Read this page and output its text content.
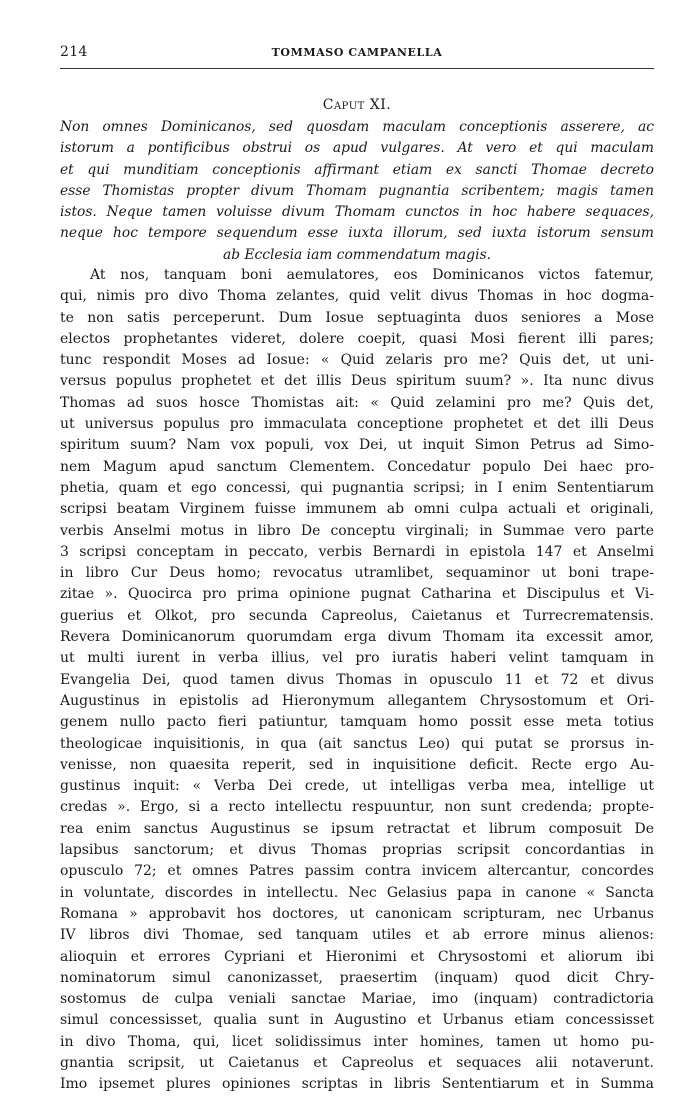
214	TOMMASO CAMPANELLA
Caput XI.
Non omnes Dominicanos, sed quosdam maculam conceptionis asserere, ac
istorum a pontificibus obstrui os apud vulgares. At vero et qui maculam
et qui munditiam conceptionis affirmant etiam ex sancti Thomae decreto
esse Thomistas propter divum Thomam pugnantia scribentem; magis tamen
istos. Neque tamen voluisse divum Thomam cunctos in hoc habere sequaces,
neque hoc tempore sequendum esse iuxta illorum, sed iuxta istorum sensum
ab Ecclesia iam commendatum magis.
At nos, tanquam boni aemulatores, eos Dominicanos victos fatemur,
qui, nimis pro divo Thoma zelantes, quid velit divus Thomas in hoc dogma-
te non satis perceperunt. Dum Iosue septuaginta duos seniores a Mose
electos prophetantes videret, dolere coepit, quasi Mosi fierent illi pares;
tunc respondit Moses ad Iosue: « Quid zelaris pro me? Quis det, ut uni-
versus populus prophetet et det illis Deus spiritum suum? ». Ita nunc divus
Thomas ad suos hosce Thomistas ait: « Quid zelamini pro me? Quis det,
ut universus populus pro immaculata conceptione prophetet et det illi Deus
spiritum suum? Nam vox populi, vox Dei, ut inquit Simon Petrus ad Simo-
nem Magum apud sanctum Clementem. Concedatur populo Dei haec pro-
phetia, quam et ego concessi, qui pugnantia scripsi; in I enim Sententiarum
scripsi beatam Virginem fuisse immunem ab omni culpa actuali et originali,
verbis Anselmi motus in libro De conceptu virginali; in Summae vero parte
3 scripsi conceptam in peccato, verbis Bernardi in epistola 147 et Anselmi
in libro Cur Deus homo; revocatus utramlibet, sequaminor ut boni trape-
zitae ». Quocirca pro prima opinione pugnat Catharina et Discipulus et Vi-
guerius et Olkot, pro secunda Capreolus, Caietanus et Turrecrematensis.
Revera Dominicanorum quorumdam erga divum Thomam ita excessit amor,
ut multi iurent in verba illius, vel pro iuratis haberi velint tamquam in
Evangelia Dei, quod tamen divus Thomas in opusculo 11 et 72 et divus
Augustinus in epistolis ad Hieronymum allegantem Chrysostomum et Ori-
genem nullo pacto fieri patiuntur, tamquam homo possit esse meta totius
theologicae inquisitionis, in qua (ait sanctus Leo) qui putat se prorsus in-
venisse, non quaesita reperit, sed in inquisitione deficit. Recte ergo Au-
gustinus inquit: « Verba Dei crede, ut intelligas verba mea, intellige ut
credas ». Ergo, si a recto intellectu respuuntur, non sunt credenda; propte-
rea enim sanctus Augustinus se ipsum retractat et librum composuit De
lapsibus sanctorum; et divus Thomas proprias scripsit concordantias in
opusculo 72; et omnes Patres passim contra invicem altercantur, concordes
in voluntate, discordes in intellectu. Nec Gelasius papa in canone « Sancta
Romana » approbavit hos doctores, ut canonicam scripturam, nec Urbanus
IV libros divi Thomae, sed tanquam utiles et ab errore minus alienos:
alioquin et errores Cypriani et Hieronimi et Chrysostomi et aliorum ibi
nominatorum simul canonizasset, praesertim (inquam) quod dicit Chry-
sostomus de culpa veniali sanctae Mariae, imo (inquam) contradictoria
simul concessisset, qualia sunt in Augustino et Urbanus etiam concessisset
in divo Thoma, qui, licet solidissimus inter homines, tamen ut homo pu-
gnantia scripsit, ut Caietanus et Capreolus et sequaces alii notaverunt.
Imo ipsemet plures opiniones scriptas in libris Sententiarum et in Summa
